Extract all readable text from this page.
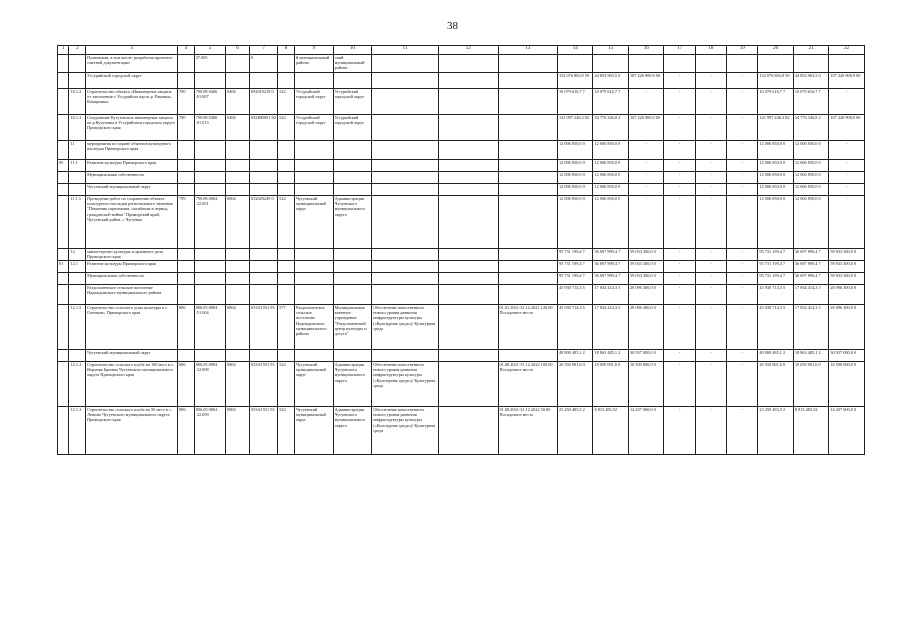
38
1	2	3	4	5	6	7	8	9	10	11	12	13	14	15	16	17	18	19	20	21	22
		Пулковская, в том числе: разработка проектно-сметной документации		37.005		0		й муниципальный района	сний муниципальный района												
		Уссурийский городской округ											152 076 863,9 59	44 853 963,5 0	107 220 900,9 00	-	-	-	152 076 863,9 59	44 853 963,5 0	107 220 900,9 00
	10.1.2	Строительство объекта «Инженерные защиты от затопления г. Уссурийска вдоль р. Раковка», Комаровка»	790	790.08 0406 .01.007	0406	082019218 0	522	Уссурийский городской округ	Уссурийский городской округ				10 079 616,7 7	10 079 616,7 7	-	-	-	-	10 079 616,7 7	10 079 616,7 7	-
	10.1.3	Сооружение Кутузовские инженерные защиты на р.Кутузовка в Уссурийском городском округе Приморского края	790	790.08 0406 .01.015	0406	082ИЕR01 60	522	Уссурийский городской округ	Уссурийский городской округ				141 997 246,3 82	34 776 346,8 2	107 220 900,0 00	-	-	-	141 997 246,3 82	34 776 346,8 2	107 220 900,0 00
	11	мероприятия по охране объектов культурного наследия Приморского края											12 006 850,0 0	12 006 850,0 0	-	-	-	-	12 006 850,0 0	12 006 850,0 0	-
05	11.1	Развитие культуры Приморского края											12 006 850,0 0	12 006 850,0 0	-	-	-	-	12 006 850,0 0	12 006 850,0 0	-
		Муниципальная собственность											12 006 850,0 0	12 006 850,0 0	-	-	-	-	12 006 850,0 0	12 006 850,0 0	-
		Чугуевский муниципальный округ											12 006 850,0 0	12 006 850,0 0	-	-	-	-	12 006 850,0 0	12 006 850,0 0	-
	11.1.1	Проведение работ по сохранению объекта культурного наследия регионального значения "Памятник партизанам, погибшим в период гражданской войны" Приморский край, Чугуевский район, с Чугуевка	799	799.08.0804 .32.001	0804	052029249 0	522	Чугуевский муниципальный округ	Администрация Чугуевского муниципального округа				12 006 850,0 0	12 006 850,0 0	-	-	-	-	12 006 850,0 0	12 006 850,0 0	-
	12	министерство культуры и архивного дела Приморского края											95 731 199,4 7	36 697 899,4 7	59 033 300,0 0	-	-	-	95 731 199,4 7	36 697 899,4 7	59 033 300,0 0
01	12.1	Развитие культуры Приморского края											95 731 199,4 7	36 697 899,4 7	59 033 300,0 0	-	-	-	95 731 199,4 7	36 697 899,4 7	59 033 300,0 0
		Муниципальная собственность											95 731 199,4 7	36 697 899,4 7	59 033 300,0 0	-	-	-	95 731 199,4 7	36 697 899,4 7	59 033 300,0 0
		Раздольненское сельское поселение Надеждинского муниципального района											45 930 714,3 5	17 834 414,3 5	28 096 300,0 0	-	-	-	45 930 714,3 5	17 834 414,3 5	28 096 300,0 0
	12.1.5	Строительство сельского дома культуры в с. Олечково, Приморского края	806	806.05.0804 .51.004	0804	053А1551 93	577	Раздольненское сельское поселение Надеждинского муниципального района	Муниципальные казенное учреждение "Раздольненский центр культуры и досуга"	Обеспечение качественного нового уровня развития инфраструктуры культуры («Культурная среда»)/ Культурная среда		01.01.2021-31.12.2021 120.00 Посадочное место	45 930 714,3 5	17 834 414,3 5	28 096 300,0 0	-	-	-	45 930 714,3 5	17 834 414,3 5	28 096 300,0 0
		Чугуевский муниципальный округ											49 800 485,1 2	18 863 485,1 2	30 937 000,0 0	-	-	-	49 800 485,1 2	18 863 485,1 2	30 937 000,0 0
	12.1.2	Строительство сельского клуба на 100 мест в с. Верхняя Бреевка Чугуевского муниципального округа Приморского края	806	806.05.0804 .32.008	0804	053А1551 93	522	Чугуевский муниципальный округ	Администрация Чугуевского муниципального округа	Обеспечение качественного нового уровня развития инфраструктуры культуры («Культурная среда»)/ Культурная среда		01.08.2021-31.12.2022 100.00 Посадочное место	26 550 001,6 0	10 050 001,6 0	16 500 000,0 0	-	-	-	26 550 001,6 0	10 050 001,6 0	16 500 000,0 0
	12.1.3	Строительство сельского клуба на 50 мест в с. Ленино Чугуевского муниципального округа Приморского края	806	806.05.0804 .32.009	0804	053А1551 93	522	Чугуевский муниципальный округ	Администрация Чугуевского муниципального округа	Обеспечение качественного нового уровня развития инфраструктуры культуры («Культурная среда»)/ Культурная среда		01.08.2021-31.12.2022 50.00 Посадочное место	23 250 483,5 2	8 813 483,52	14 437 000,0 0	-	-	-	23 250 483,5 2	8 813 483,52	14 437 000,0 0
